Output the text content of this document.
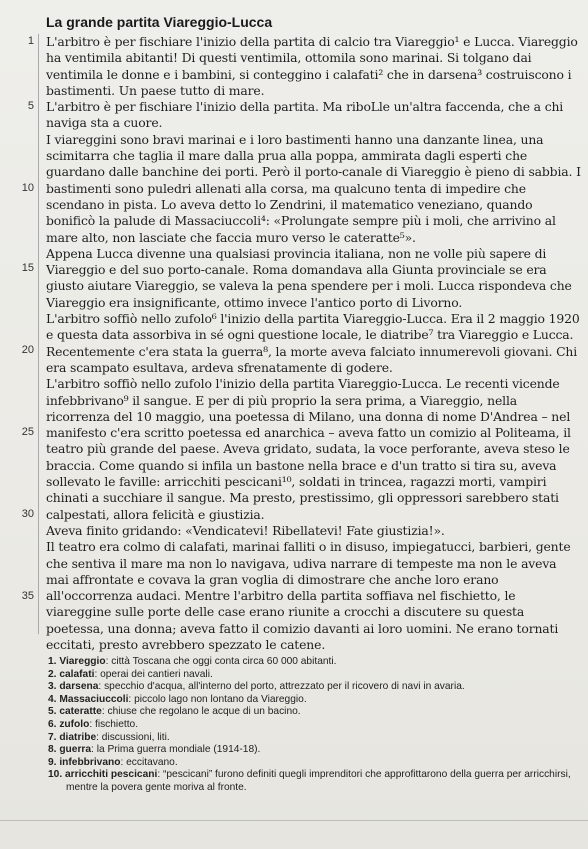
La grande partita Viareggio-Lucca
1
5
10
15
20
25
30
35

L'arbitro è per fischiare l'inizio della partita di calcio tra Viareggio¹ e Lucca. Viareggio ha ventimila abitanti! Di questi ventimila, ottomila sono marinai. Si tolgano dai ventimila le donne e i bambini, si conteggino i calafati² che in darsena³ costruiscono i bastimenti. Un paese tutto di mare.

L'arbitro è per fischiare l'inizio della partita. Ma riboLle un'altra faccenda, che a chi naviga sta a cuore.

I viareggini sono bravi marinai e i loro bastimenti hanno una danzante linea, una scimitarra che taglia il mare dalla prua alla poppa, ammirata dagli esperti che guardano dalle banchine dei porti. Però il porto-canale di Viareggio è pieno di sabbia. I bastimenti sono puledri allenati alla corsa, ma qualcuno tenta di impedire che scendano in pista. Lo aveva detto lo Zendrini, il matematico veneziano, quando bonificò la palude di Massaciuccoli⁴: «Prolungate sempre più i moli, che arrivino al mare alto, non lasciate che faccia muro verso le cateratte⁵».

Appena Lucca divenne una qualsiasi provincia italiana, non ne volle più sapere di Viareggio e del suo porto-canale. Roma domandava alla Giunta provinciale se era giusto aiutare Viareggio, se valeva la pena spendere per i moli. Lucca rispondeva che Viareggio era insignificante, ottimo invece l'antico porto di Livorno.

L'arbitro soffiò nello zufolo⁶ l'inizio della partita Viareggio-Lucca. Era il 2 maggio 1920 e questa data assorbiva in sé ogni questione locale, le diatribe⁷ tra Viareggio e Lucca. Recentemente c'era stata la guerra⁸, la morte aveva falciato innumerevoli giovani. Chi era scampato esultava, ardeva sfrenatamente di godere.

L'arbitro soffiò nello zufolo l'inizio della partita Viareggio-Lucca. Le recenti vicende infebbrivano⁹ il sangue. E per di più proprio la sera prima, a Viareggio, nella ricorrenza del 10 maggio, una poetessa di Milano, una donna di nome D'Andrea – nel manifesto c'era scritto poetessa ed anarchica – aveva fatto un comizio al Politeama, il teatro più grande del paese. Aveva gridato, sudata, la voce perforante, aveva steso le braccia. Come quando si infila un bastone nella brace e d'un tratto si tira su, aveva sollevato le faville: arricchiti pescicani¹⁰, soldati in trincea, ragazzi morti, vampiri chinati a succhiare il sangue. Ma presto, prestissimo, gli oppressori sarebbero stati calpestati, allora felicità e giustizia.

Aveva finito gridando: «Vendicatevi! Ribellatevi! Fate giustizia!».

Il teatro era colmo di calafati, marinai falliti o in disuso, impiegatucci, barbieri, gente che sentiva il mare ma non lo navigava, udiva narrare di tempeste ma non le aveva mai affrontate e covava la gran voglia di dimostrare che anche loro erano all'occorrenza audaci. Mentre l'arbitro della partita soffiava nel fischietto, le viareggine sulle porte delle case erano riunite a crocchi a discutere su questa poetessa, una donna; aveva fatto il comizio davanti ai loro uomini. Ne erano tornati eccitati, presto avrebbero spezzato le catene.

1. Viareggio: città Toscana che oggi conta circa 60 000 abitanti.

2. calafati: operai dei cantieri navali.

3. darsena: specchio d'acqua, all'interno del porto, attrezzato per il ricovero di navi in avaria.

4. Massaciuccoli: piccolo lago non lontano da Viareggio.

5. cateratte: chiuse che regolano le acque di un bacino.

6. zufolo: fischietto.

7. diatribe: discussioni, liti.

8. guerra: la Prima guerra mondiale (1914-18).

9. infebbrivano: eccitavano.

10. arricchiti pescicani: “pescicani” furono definiti quegli imprenditori che approfittarono della guerra per arricchirsi, mentre la povera gente moriva al fronte.
